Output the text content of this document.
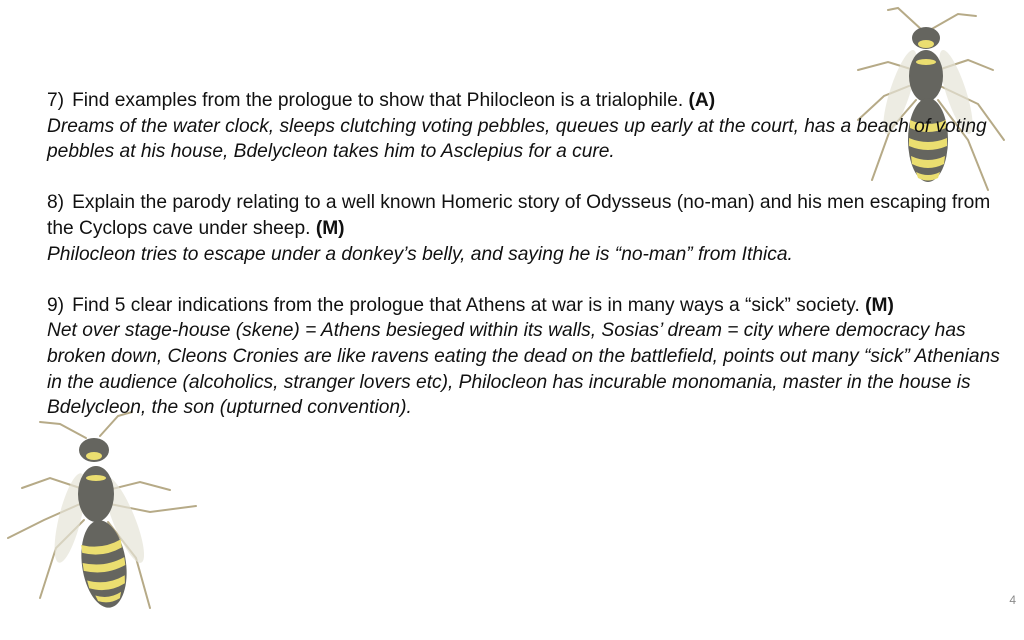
7) Find examples from the prologue to show that Philocleon is a trialophile. (A)

Dreams of the water clock, sleeps clutching voting pebbles, queues up early at the court, has a beach of voting pebbles at his house, Bdelycleon takes him to Asclepius for a cure.

8) Explain the parody relating to a well known Homeric story of Odysseus (no-man) and his men escaping from the Cyclops cave under sheep. (M)

Philocleon tries to escape under a donkey’s belly, and saying he is “no-man” from Ithica.

9) Find 5 clear indications from the prologue that Athens at war is in many ways a “sick” society. (M)

Net over stage-house (skene) = Athens besieged within its walls, Sosias’ dream = city where democracy has broken down, Cleons Cronies are like ravens eating the dead on the battlefield, points out many “sick” Athenians in the audience (alcoholics, stranger lovers etc), Philocleon has incurable monomania, master in the house is Bdelycleon, the son (upturned convention).

4
